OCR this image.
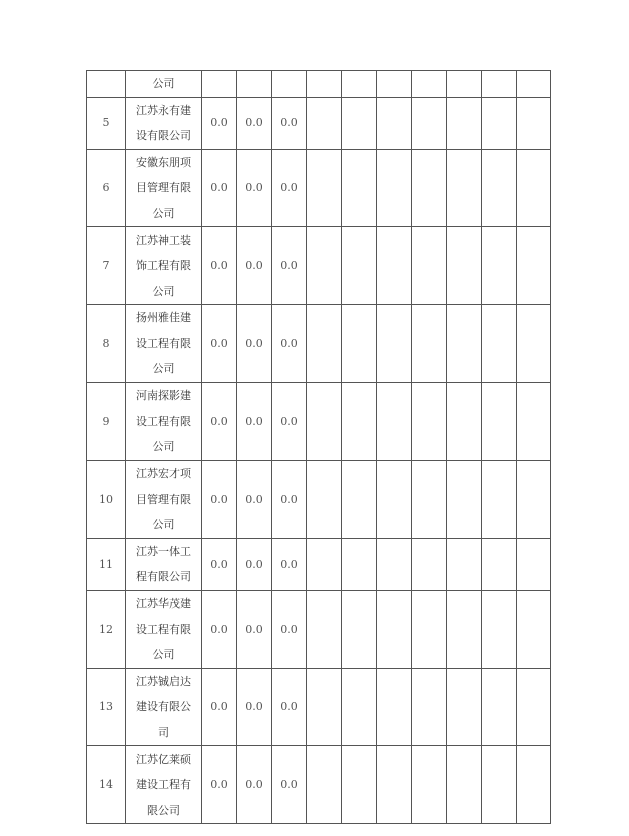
	公司										
5	江苏永有建
设有限公司	0.0	0.0	0.0							
6	安徽东朋项
目管理有限
公司	0.0	0.0	0.0							
7	江苏神工装
饰工程有限
公司	0.0	0.0	0.0							
8	扬州雅佳建
设工程有限
公司	0.0	0.0	0.0							
9	河南探影建
设工程有限
公司	0.0	0.0	0.0							
10	江苏宏才项
目管理有限
公司	0.0	0.0	0.0							
11	江苏一体工
程有限公司	0.0	0.0	0.0							
12	江苏华茂建
设工程有限
公司	0.0	0.0	0.0							
13	江苏铖启达
建设有限公
司	0.0	0.0	0.0							
14	江苏亿莱硕
建设工程有
限公司	0.0	0.0	0.0							
